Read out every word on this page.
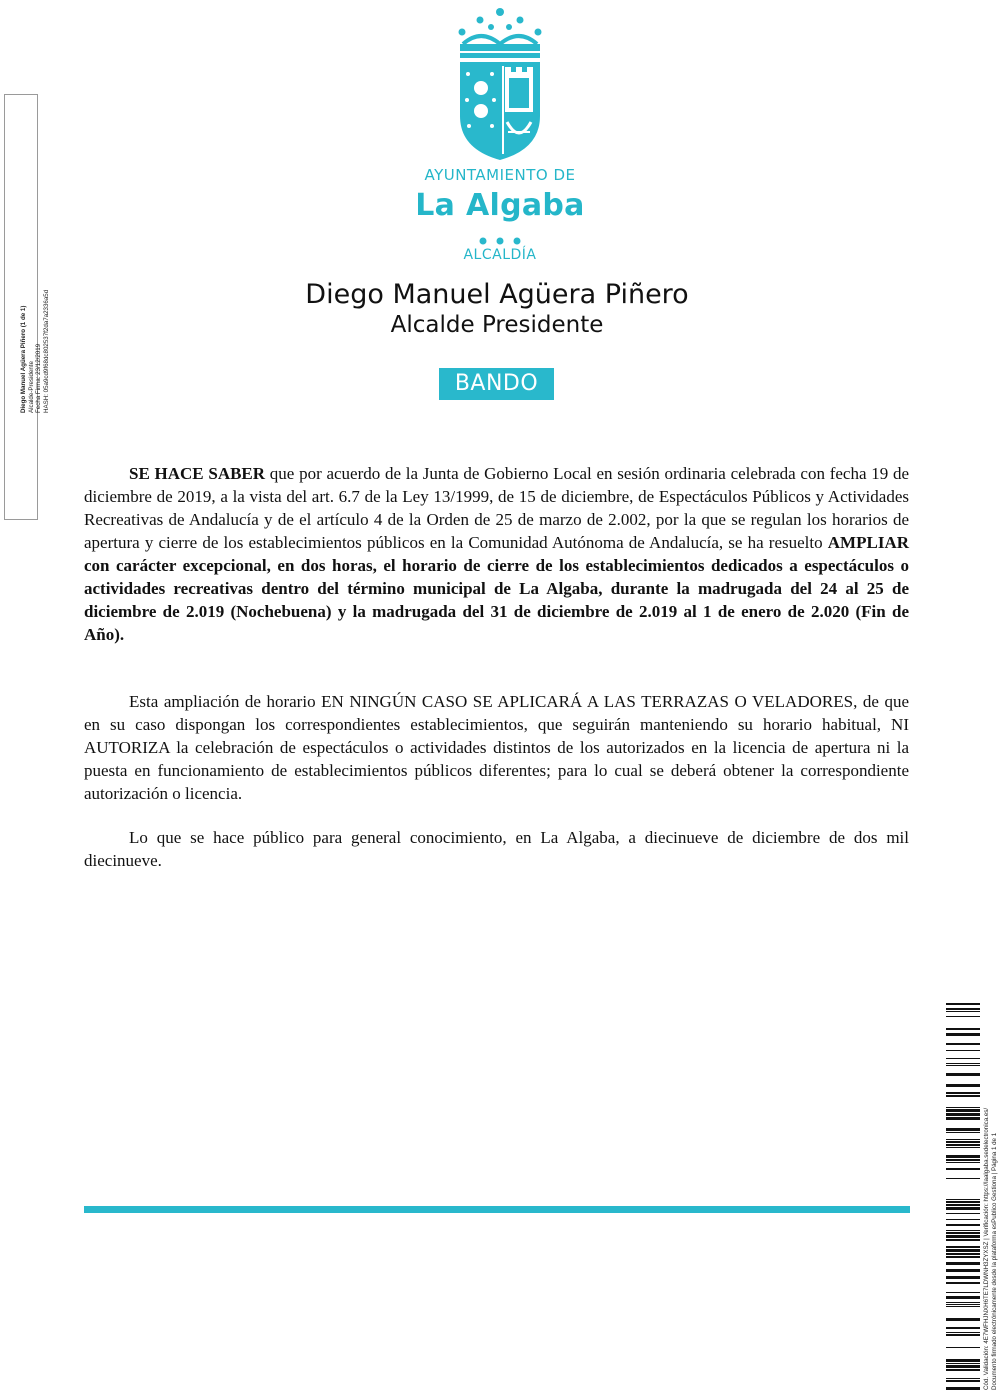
AYUNTAMIENTO DE
La Algaba
ALCALDÍA
Diego Manuel Agüera Piñero
Alcalde Presidente
BANDO

SE HACE SABER que por acuerdo de la Junta de Gobierno Local en sesión ordinaria celebrada con fecha 19 de diciembre de 2019, a la vista del art. 6.7 de la Ley 13/1999, de 15 de diciembre, de Espectáculos Públicos y Actividades Recreativas de Andalucía y de el artículo 4 de la Orden de 25 de marzo de 2.002, por la que se regulan los horarios de apertura y cierre de los establecimientos públicos en la Comunidad Autónoma de Andalucía, se ha resuelto AMPLIAR con carácter excepcional, en dos horas, el horario de cierre de los establecimientos dedicados a espectáculos o actividades recreativas dentro del término municipal de La Algaba, durante la madrugada del 24 al 25 de diciembre de 2.019 (Nochebuena) y la madrugada del 31 de diciembre de 2.019 al 1 de enero de 2.020 (Fin de Año).

Esta ampliación de horario EN NINGÚN CASO SE APLICARÁ A LAS TERRAZAS O VELADORES, de que en su caso dispongan los correspondientes establecimientos, que seguirán manteniendo su horario habitual, NI AUTORIZA la celebración de espectáculos o actividades distintos de los autorizados en la licencia de apertura ni la puesta en funcionamiento de establecimientos públicos diferentes; para lo cual se deberá obtener la correspondiente autorización o licencia.

Lo que se hace público para general conocimiento, en La Algaba, a diecinueve de diciembre de dos mil diecinueve.

Diego Manuel Agüera Piñero (1 de 1) Alcalde-Presidente Fecha Firma: 23/12/2019 HASH: 05a9cd9f68dc802537f2da7a2336a5d
Cód. Validación: 4E7WFHJNXH6TE7LDWNH3ZYXSZ | Verificación: https://laalgaba.sedelectronica.es/ Documento firmado electrónicamente desde la plataforma esPublico Gestiona | Página 1 de 1
